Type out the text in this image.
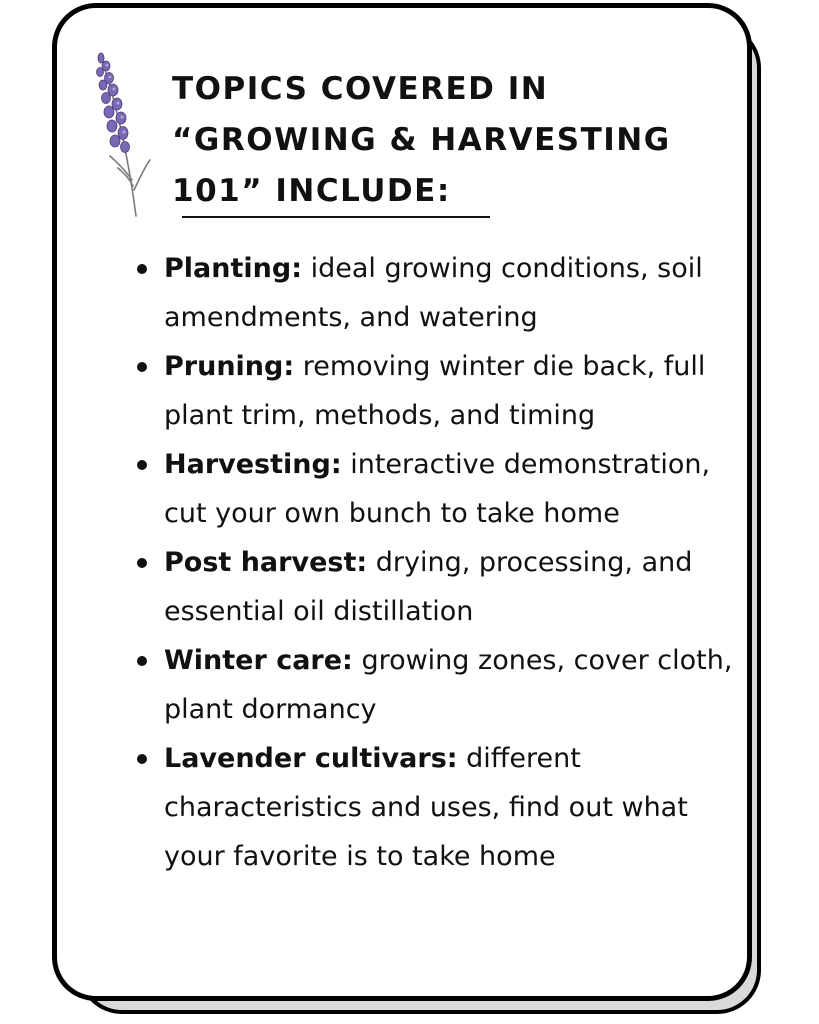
TOPICS COVERED IN
“GROWING & HARVESTING
101” INCLUDE:
Planting: ideal growing conditions, soil amendments, and watering
Pruning: removing winter die back, full plant trim, methods, and timing
Harvesting: interactive demonstration, cut your own bunch to take home
Post harvest: drying, processing, and essential oil distillation
Winter care: growing zones, cover cloth, plant dormancy
Lavender cultivars: different characteristics and uses, find out what your favorite is to take home
